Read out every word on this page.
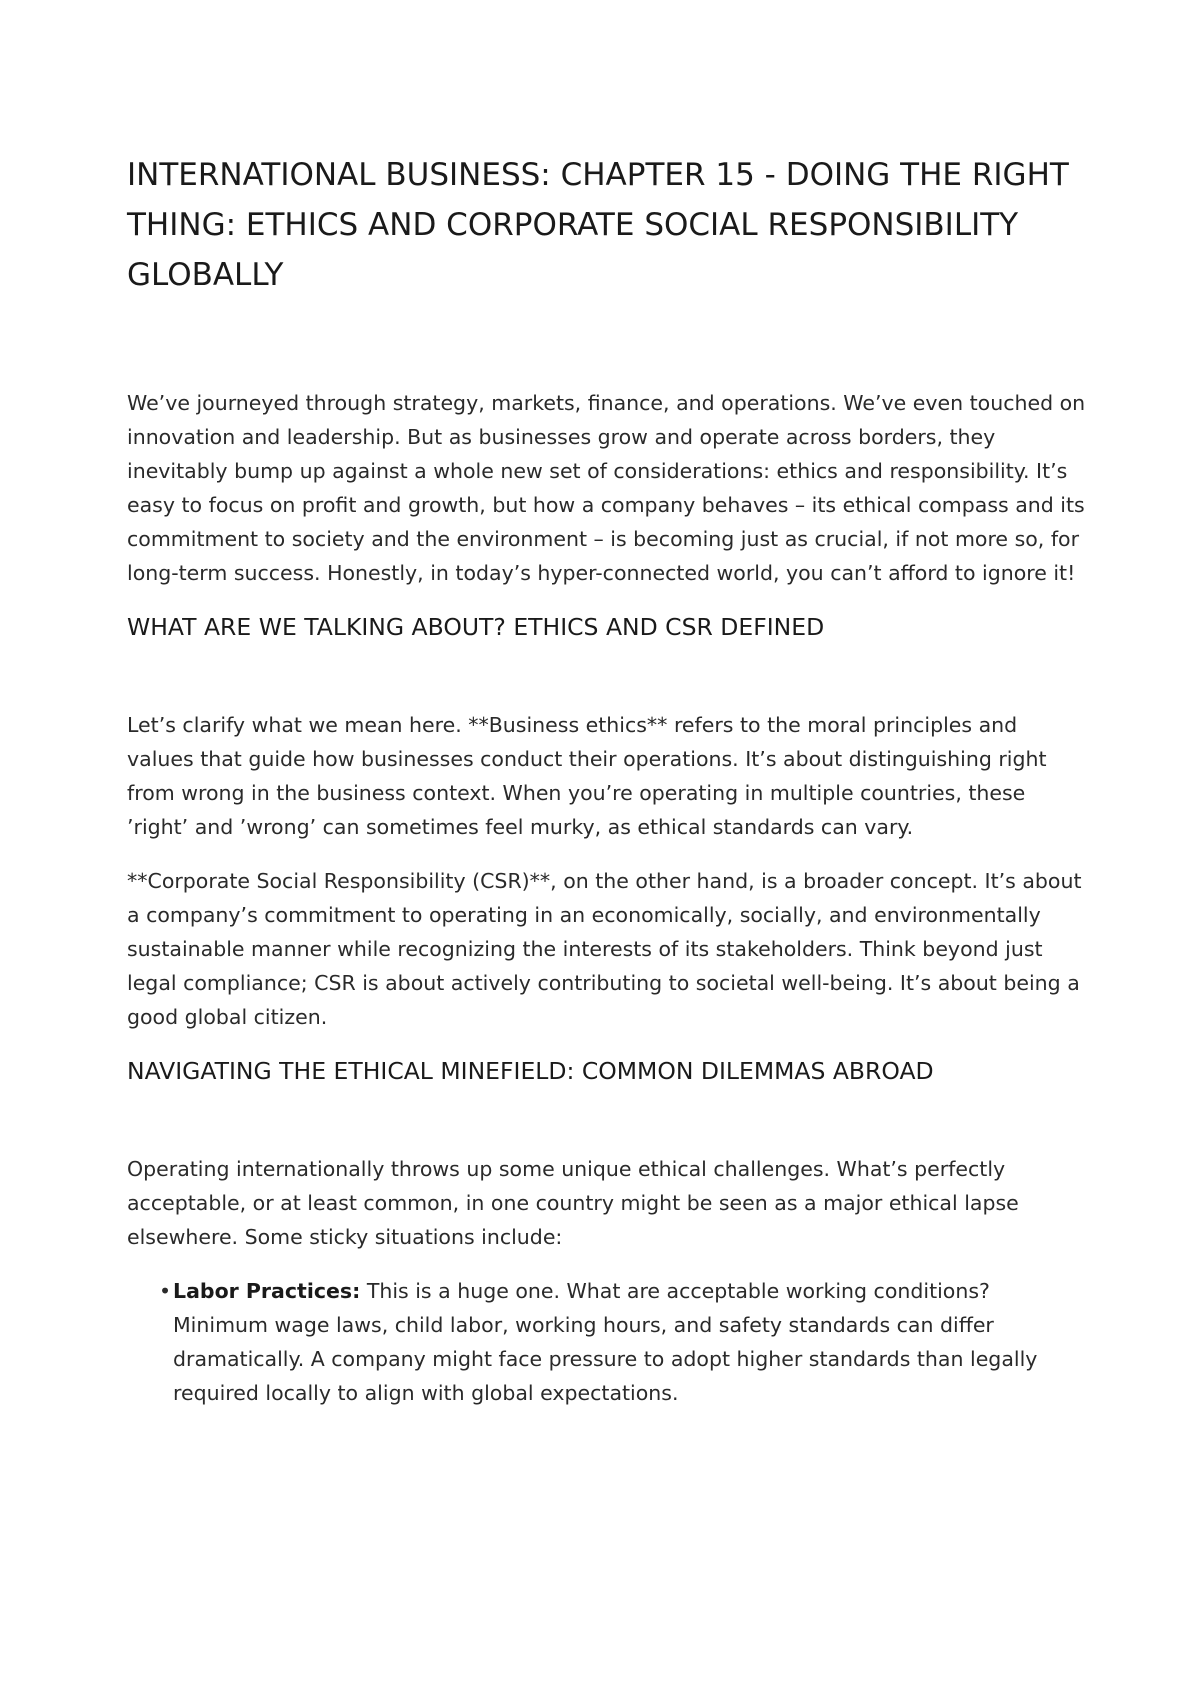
INTERNATIONAL BUSINESS: CHAPTER 15 - DOING THE RIGHT THING: ETHICS AND CORPORATE SOCIAL RESPONSIBILITY GLOBALLY

We’ve journeyed through strategy, markets, finance, and operations. We’ve even touched on innovation and leadership. But as businesses grow and operate across borders, they inevitably bump up against a whole new set of considerations: ethics and responsibility. It’s easy to focus on profit and growth, but how a company behaves – its ethical compass and its commitment to society and the environment – is becoming just as crucial, if not more so, for long-term success. Honestly, in today’s hyper-connected world, you can’t afford to ignore it!

WHAT ARE WE TALKING ABOUT? ETHICS AND CSR DEFINED

Let’s clarify what we mean here. **Business ethics** refers to the moral principles and values that guide how businesses conduct their operations. It’s about distinguishing right from wrong in the business context. When you’re operating in multiple countries, these ’right’ and ’wrong’ can sometimes feel murky, as ethical standards can vary.

**Corporate Social Responsibility (CSR)**, on the other hand, is a broader concept. It’s about a company’s commitment to operating in an economically, socially, and environmentally sustainable manner while recognizing the interests of its stakeholders. Think beyond just legal compliance; CSR is about actively contributing to societal well-being. It’s about being a good global citizen.

NAVIGATING THE ETHICAL MINEFIELD: COMMON DILEMMAS ABROAD

Operating internationally throws up some unique ethical challenges. What’s perfectly acceptable, or at least common, in one country might be seen as a major ethical lapse elsewhere. Some sticky situations include:

• Labor Practices: This is a huge one. What are acceptable working conditions? Minimum wage laws, child labor, working hours, and safety standards can differ dramatically. A company might face pressure to adopt higher standards than legally required locally to align with global expectations.
